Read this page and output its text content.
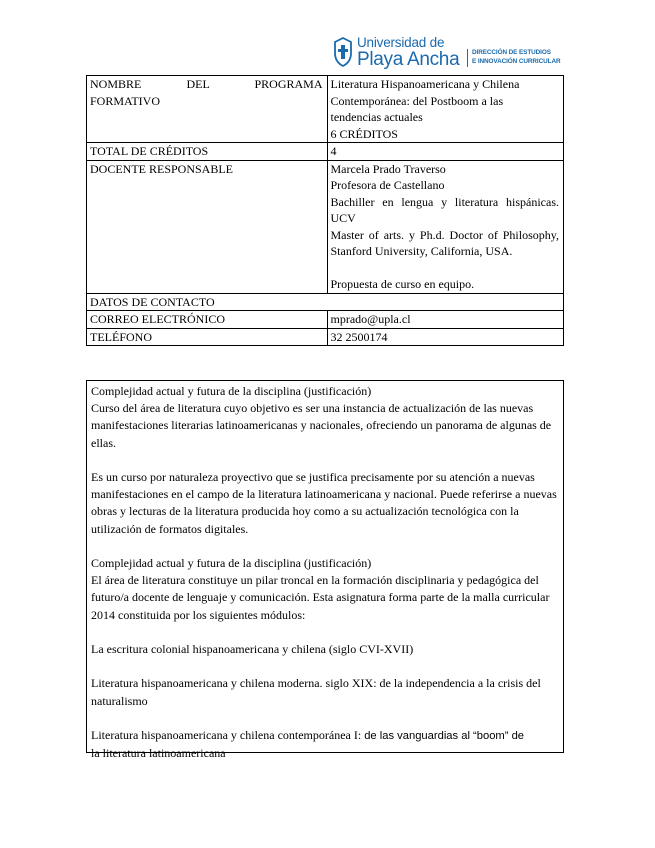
Universidad de
Playa Ancha DIRECCIÓN DE ESTUDIOS
E INNOVACIÓN CURRICULAR
NOMBRE DEL PROGRAMA
FORMATIVO	Literatura Hispanoamericana y Chilena
Contemporánea: del Postboom a las
tendencias actuales
6 CRÉDITOS

TOTAL DE CRÉDITOS	4
DOCENTE RESPONSABLE	Marcela Prado Traverso
Profesora de Castellano
Bachiller en lengua y literatura hispánicas. UCV
Master of arts. y Ph.d. Doctor of Philosophy, Stanford University, California, USA.
Propuesta de curso en equipo.

DATOS DE CONTACTO	
CORREO ELECTRÓNICO	mprado@upla.cl
TELÉFONO	32 2500174

Complejidad actual y futura de la disciplina (justificación)

Curso del área de literatura cuyo objetivo es ser una instancia de actualización de las nuevas manifestaciones literarias latinoamericanas y nacionales, ofreciendo un panorama de algunas de ellas.

Es un curso por naturaleza proyectivo que se justifica precisamente por su atención a nuevas manifestaciones en el campo de la literatura latinoamericana y nacional. Puede referirse a nuevas obras y lecturas de la literatura producida hoy como a su actualización tecnológica con la utilización de formatos digitales.

Complejidad actual y futura de la disciplina (justificación)

El área de literatura constituye un pilar troncal en la formación disciplinaria y pedagógica del futuro/a docente de lenguaje y comunicación. Esta asignatura forma parte de la malla curricular 2014 constituida por los siguientes módulos:

La escritura colonial hispanoamericana y chilena (siglo CVI-XVII)

Literatura hispanoamericana y chilena moderna. siglo XIX: de la independencia a la crisis del naturalismo

Literatura hispanoamericana y chilena contemporánea I: de las vanguardias al “boom” de
la literatura latinoamericana
